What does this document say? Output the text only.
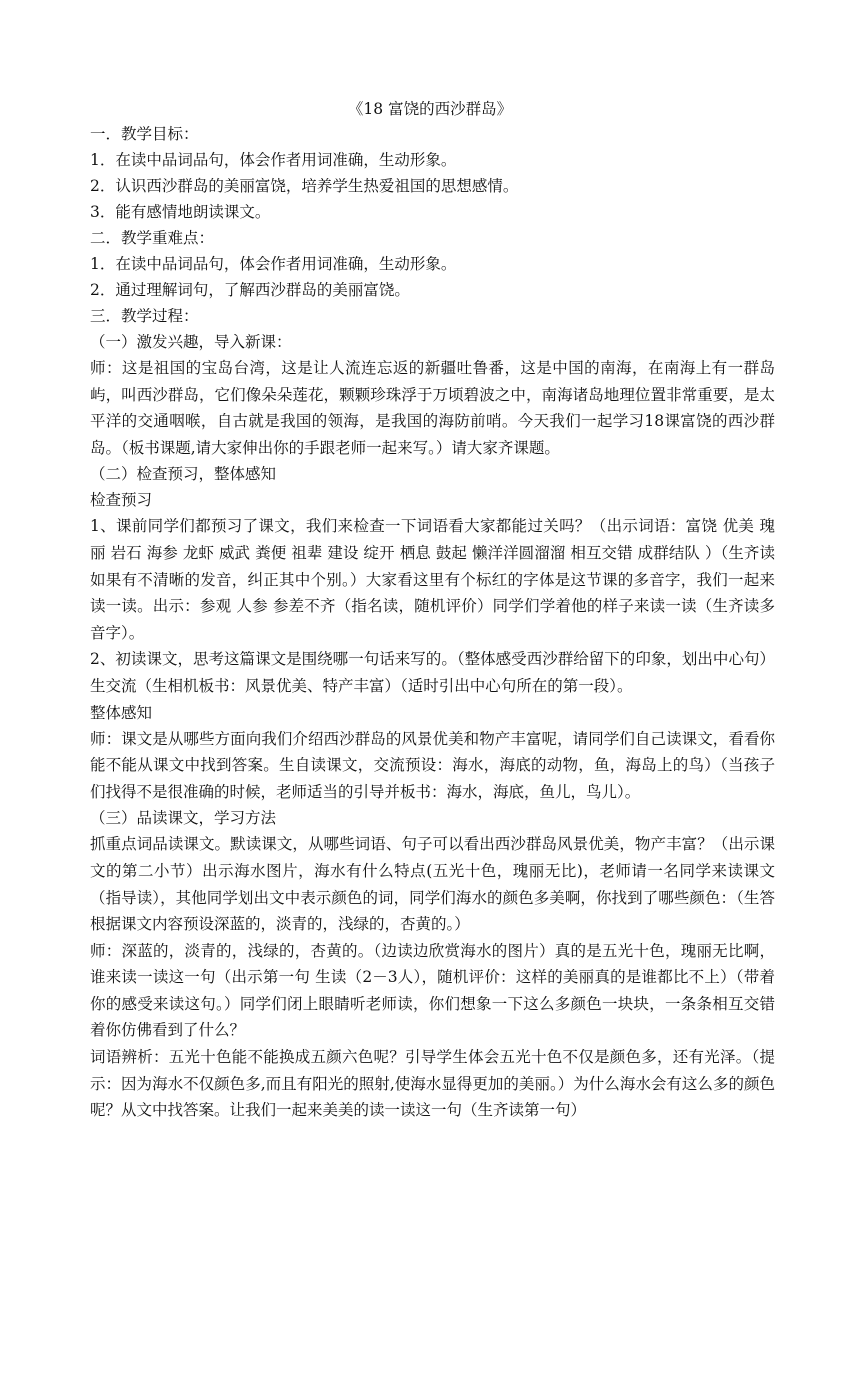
《18 富饶的西沙群岛》

一．教学目标：

1．在读中品词品句，体会作者用词准确，生动形象。

2．认识西沙群岛的美丽富饶，培养学生热爱祖国的思想感情。

3．能有感情地朗读课文。

二．教学重难点：

1．在读中品词品句，体会作者用词准确，生动形象。

2．通过理解词句，了解西沙群岛的美丽富饶。

三．教学过程：

（一）激发兴趣，导入新课：

师：这是祖国的宝岛台湾，这是让人流连忘返的新疆吐鲁番，这是中国的南海，在南海上有一群岛屿，叫西沙群岛，它们像朵朵莲花，颗颗珍珠浮于万顷碧波之中，南海诸岛地理位置非常重要，是太平洋的交通咽喉，自古就是我国的领海，是我国的海防前哨。今天我们一起学习18课富饶的西沙群岛。（板书课题,请大家伸出你的手跟老师一起来写。）请大家齐课题。

（二）检查预习，整体感知

检查预习

1、课前同学们都预习了课文，我们来检查一下词语看大家都能过关吗？（出示词语：富饶 优美 瑰丽 岩石 海参 龙虾 威武 粪便 祖辈 建设 绽开 栖息 鼓起 懒洋洋圆溜溜 相互交错 成群结队 ）（生齐读如果有不清晰的发音，纠正其中个别。）大家看这里有个标红的字体是这节课的多音字，我们一起来读一读。出示：参观 人参 参差不齐（指名读，随机评价）同学们学着他的样子来读一读（生齐读多音字）。

2、初读课文，思考这篇课文是围绕哪一句话来写的。（整体感受西沙群给留下的印象，划出中心句）生交流（生相机板书：风景优美、特产丰富）（适时引出中心句所在的第一段）。

整体感知

师：课文是从哪些方面向我们介绍西沙群岛的风景优美和物产丰富呢，请同学们自己读课文，看看你能不能从课文中找到答案。生自读课文，交流预设：海水，海底的动物，鱼，海岛上的鸟）（当孩子们找得不是很准确的时候，老师适当的引导并板书：海水，海底，鱼儿，鸟儿）。

（三）品读课文，学习方法

抓重点词品读课文。默读课文，从哪些词语、句子可以看出西沙群岛风景优美，物产丰富？（出示课文的第二小节）出示海水图片，海水有什么特点(五光十色，瑰丽无比)，老师请一名同学来读课文（指导读），其他同学划出文中表示颜色的词，同学们海水的颜色多美啊，你找到了哪些颜色：（生答根据课文内容预设深蓝的，淡青的，浅绿的，杏黄的。）

师：深蓝的，淡青的，浅绿的，杏黄的。（边读边欣赏海水的图片）真的是五光十色，瑰丽无比啊，谁来读一读这一句（出示第一句 生读（2－3人），随机评价：这样的美丽真的是谁都比不上）（带着你的感受来读这句。）同学们闭上眼睛听老师读，你们想象一下这么多颜色一块块，一条条相互交错着你仿佛看到了什么？

词语辨析：五光十色能不能换成五颜六色呢？引导学生体会五光十色不仅是颜色多，还有光泽。（提示：因为海水不仅颜色多,而且有阳光的照射,使海水显得更加的美丽。）为什么海水会有这么多的颜色呢？从文中找答案。让我们一起来美美的读一读这一句（生齐读第一句）
